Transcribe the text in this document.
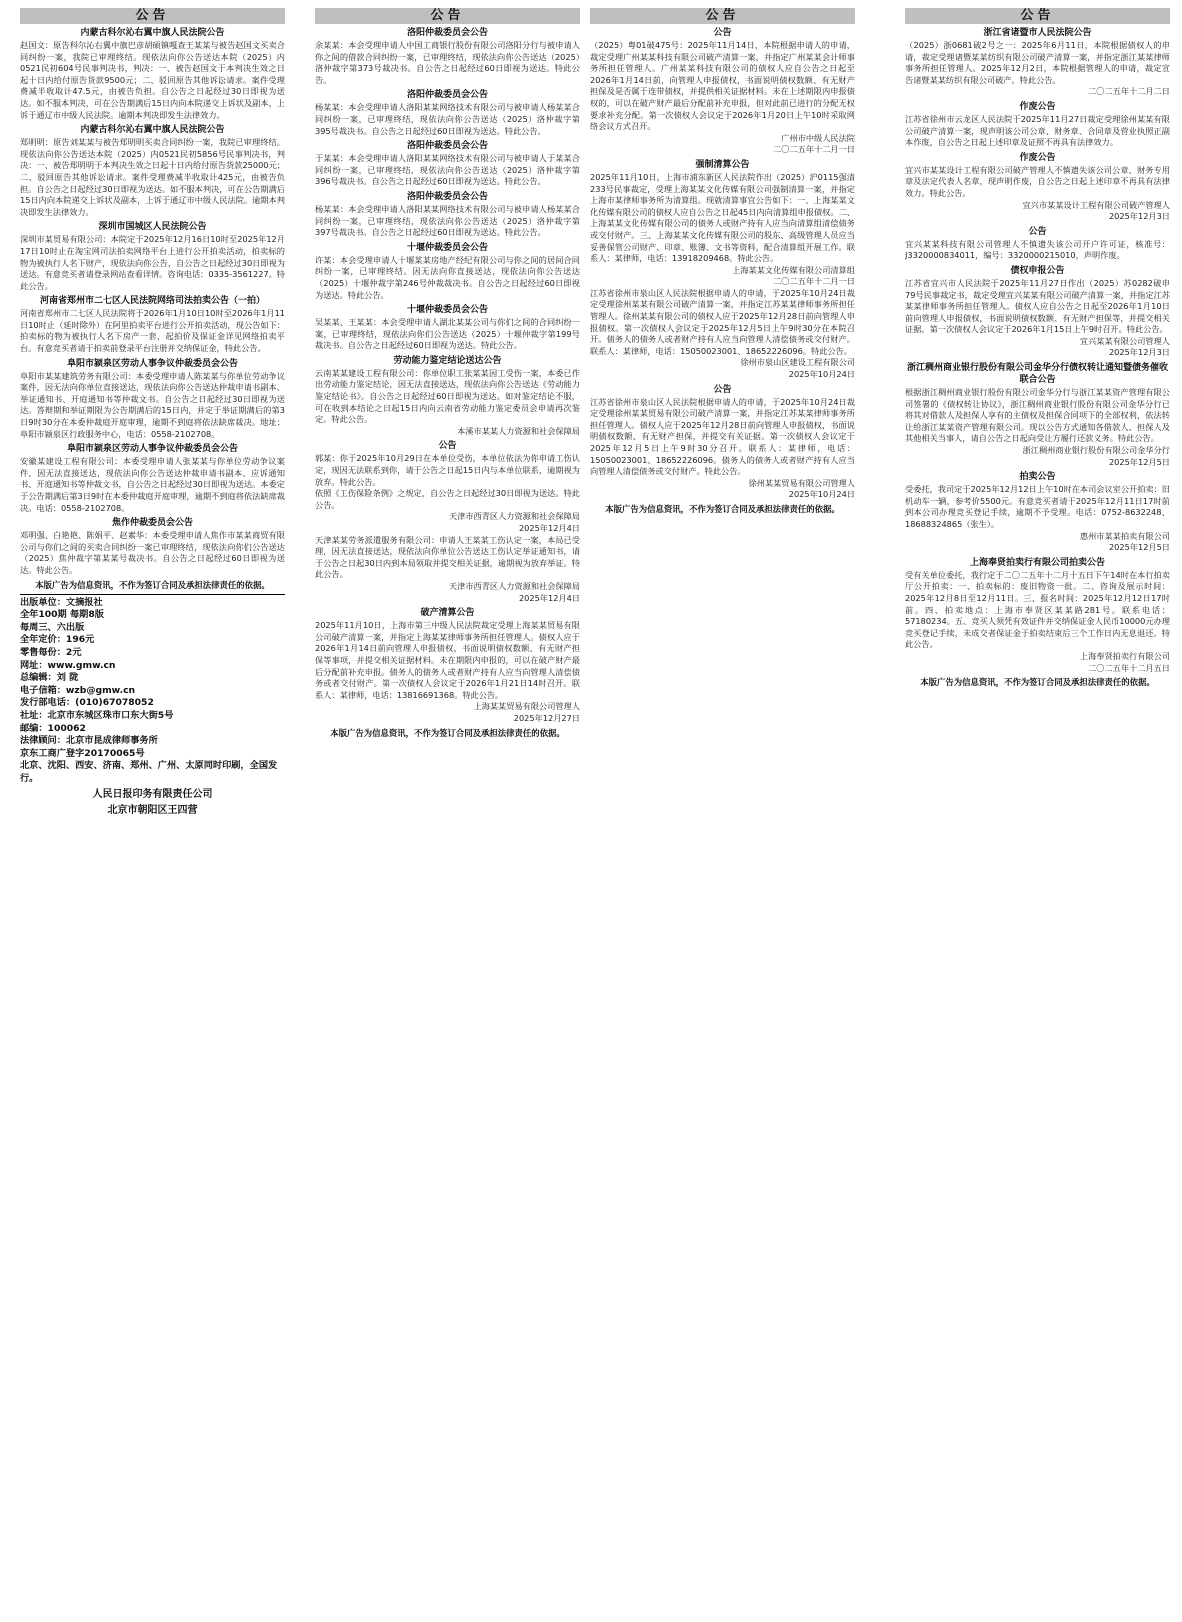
公告
内蒙古科尔沁右翼中旗人民法院公告

赵国文：原告科尔沁右翼中旗巴彦胡硕镇嘎查王某某与被告赵国文买卖合同纠纷一案，我院已审理终结。现依法向你公告送达本院（2025）内0521民初604号民事判决书，判决：一、被告赵国文于本判决生效之日起十日内给付原告货款9500元；二、驳回原告其他诉讼请求。案件受理费减半收取计47.5元，由被告负担。自公告之日起经过30日即视为送达。如不服本判决，可在公告期满后15日内向本院递交上诉状及副本，上诉于通辽市中级人民法院。逾期本判决即发生法律效力。

内蒙古科尔沁右翼中旗人民法院公告

郑明明：原告刘某某与被告郑明明买卖合同纠纷一案，我院已审理终结。现依法向你公告送达本院（2025）内0521民初5856号民事判决书，判决：一、被告郑明明于本判决生效之日起十日内给付原告货款25000元；二、驳回原告其他诉讼请求。案件受理费减半收取计425元，由被告负担。自公告之日起经过30日即视为送达。如不服本判决，可在公告期满后15日内向本院递交上诉状及副本，上诉于通辽市中级人民法院。逾期本判决即发生法律效力。

深圳市国城区人民法院公告

深圳市某贸易有限公司：本院定于2025年12月16日10时至2025年12月17日10时止在淘宝网司法拍卖网络平台上进行公开拍卖活动，拍卖标的物为被执行人名下财产，现依法向你公告，自公告之日起经过30日即视为送达。有意竞买者请登录网站查看详情。咨询电话：0335-3561227。特此公告。

河南省郑州市二七区人民法院网络司法拍卖公告（一拍）

河南省郑州市二七区人民法院将于2026年1月10日10时至2026年1月11日10时止（延时除外）在阿里拍卖平台进行公开拍卖活动，现公告如下：拍卖标的物为被执行人名下房产一套，起拍价及保证金详见网络拍卖平台。有意竞买者请于拍卖前登录平台注册并交纳保证金，特此公告。

阜阳市颍泉区劳动人事争议仲裁委员会公告

阜阳市某某建筑劳务有限公司：本委受理申请人陈某某与你单位劳动争议案件，因无法向你单位直接送达，现依法向你公告送达仲裁申请书副本、举证通知书、开庭通知书等仲裁文书。自公告之日起经过30日即视为送达。答辩期和举证期限为公告期满后的15日内，并定于举证期满后的第3日9时30分在本委仲裁庭开庭审理，逾期不到庭将依法缺席裁决。地址：阜阳市颍泉区行政服务中心，电话：0558-2102708。

阜阳市颍泉区劳动人事争议仲裁委员会公告

安徽某建设工程有限公司：本委受理申请人张某某与你单位劳动争议案件，因无法直接送达，现依法向你公告送达仲裁申请书副本、应诉通知书、开庭通知书等仲裁文书，自公告之日起经过30日即视为送达。本委定于公告期满后第3日9时在本委仲裁庭开庭审理，逾期不到庭将依法缺席裁决。电话：0558-2102708。

焦作仲裁委员会公告

邓明强、白艳艳、陈娟平、赵素华：本委受理申请人焦作市某某商贸有限公司与你们之间的买卖合同纠纷一案已审理终结，现依法向你们公告送达（2025）焦仲裁字第某某号裁决书。自公告之日起经过60日即视为送达。特此公告。

本版广告为信息资讯，不作为签订合同及承担法律责任的依据。

出版单位：文摘报社

全年100期 每期8版

每周三、六出版

全年定价：196元

零售每份：2元

网址：www.gmw.cn

总编辑：刘 陇

电子信箱：wzb@gmw.cn

发行部电话：(010)67078052

社址：北京市东城区珠市口东大街5号

邮编：100062

法律顾问：北京市昆成律师事务所

京东工商广登字20170065号

北京、沈阳、西安、济南、郑州、广州、太原同时印刷，全国发行。

人民日报印务有限责任公司
北京市朝阳区王四营
公告
洛阳仲裁委员会公告

余某某：本会受理申请人中国工商银行股份有限公司洛阳分行与被申请人你之间的借款合同纠纷一案，已审理终结，现依法向你公告送达（2025）洛仲裁字第373号裁决书。自公告之日起经过60日即视为送达。特此公告。

洛阳仲裁委员会公告

杨某某：本会受理申请人洛阳某某网络技术有限公司与被申请人杨某某合同纠纷一案，已审理终结，现依法向你公告送达（2025）洛仲裁字第395号裁决书。自公告之日起经过60日即视为送达。特此公告。

洛阳仲裁委员会公告

于某某：本会受理申请人洛阳某某网络技术有限公司与被申请人于某某合同纠纷一案，已审理终结，现依法向你公告送达（2025）洛仲裁字第396号裁决书。自公告之日起经过60日即视为送达。特此公告。

洛阳仲裁委员会公告

杨某某：本会受理申请人洛阳某某网络技术有限公司与被申请人杨某某合同纠纷一案，已审理终结，现依法向你公告送达（2025）洛仲裁字第397号裁决书。自公告之日起经过60日即视为送达。特此公告。

十堰仲裁委员会公告

许某：本会受理申请人十堰某某房地产经纪有限公司与你之间的居间合同纠纷一案，已审理终结。因无法向你直接送达，现依法向你公告送达（2025）十堰仲裁字第246号仲裁裁决书。自公告之日起经过60日即视为送达。特此公告。

十堰仲裁委员会公告

吴某某、王某某：本会受理申请人湖北某某公司与你们之间的合同纠纷一案，已审理终结，现依法向你们公告送达（2025）十堰仲裁字第199号裁决书。自公告之日起经过60日即视为送达。特此公告。

劳动能力鉴定结论送达公告

云南某某建设工程有限公司：你单位职工张某某因工受伤一案，本委已作出劳动能力鉴定结论，因无法直接送达，现依法向你公告送达《劳动能力鉴定结论书》。自公告之日起经过60日即视为送达。如对鉴定结论不服，可在收到本结论之日起15日内向云南省劳动能力鉴定委员会申请再次鉴定。特此公告。

本溪市某某人力资源和社会保障局

公告

郭某：你于2025年10月29日在本单位受伤，本单位依法为你申请工伤认定，现因无法联系到你，请于公告之日起15日内与本单位联系，逾期视为放弃。特此公告。

依照《工伤保险条例》之规定，自公告之日起经过30日即视为送达。特此公告。

天津市西青区人力资源和社会保障局

2025年12月4日

天津某某劳务派遣服务有限公司：申请人王某某工伤认定一案，本局已受理，因无法直接送达，现依法向你单位公告送达工伤认定举证通知书，请于公告之日起30日内到本局领取并提交相关证据，逾期视为放弃举证。特此公告。

天津市西青区人力资源和社会保障局

2025年12月4日

破产清算公告

2025年11月10日，上海市第三中级人民法院裁定受理上海某某贸易有限公司破产清算一案，并指定上海某某律师事务所担任管理人。债权人应于2026年1月14日前向管理人申报债权，书面说明债权数额、有无财产担保等事项，并提交相关证据材料。未在期限内申报的，可以在破产财产最后分配前补充申报。债务人的债务人或者财产持有人应当向管理人清偿债务或者交付财产。第一次债权人会议定于2026年1月21日14时召开。联系人：某律师，电话：13816691368。特此公告。

上海某某贸易有限公司管理人

2025年12月27日

本版广告为信息资讯，不作为签订合同及承担法律责任的依据。
公告
公告

（2025）粤01破475号：2025年11月14日，本院根据申请人的申请，裁定受理广州某某科技有限公司破产清算一案，并指定广州某某会计师事务所担任管理人。广州某某科技有限公司的债权人应自公告之日起至2026年1月14日前，向管理人申报债权，书面说明债权数额、有无财产担保及是否属于连带债权，并提供相关证据材料。未在上述期限内申报债权的，可以在破产财产最后分配前补充申报，但对此前已进行的分配无权要求补充分配。第一次债权人会议定于2026年1月20日上午10时采取网络会议方式召开。

广州市中级人民法院

二〇二五年十二月一日

强制清算公告

2025年11月10日，上海市浦东新区人民法院作出（2025）沪0115强清233号民事裁定，受理上海某某文化传媒有限公司强制清算一案，并指定上海市某律师事务所为清算组。现就清算事宜公告如下：一、上海某某文化传媒有限公司的债权人应自公告之日起45日内向清算组申报债权。二、上海某某文化传媒有限公司的债务人或财产持有人应当向清算组清偿债务或交付财产。三、上海某某文化传媒有限公司的股东、高级管理人员应当妥善保管公司财产、印章、账簿、文书等资料，配合清算组开展工作。联系人：某律师，电话：13918209468。特此公告。

上海某某文化传媒有限公司清算组

二〇二五年十二月一日

江苏省徐州市泉山区人民法院根据申请人的申请，于2025年10月24日裁定受理徐州某某有限公司破产清算一案，并指定江苏某某律师事务所担任管理人。徐州某某有限公司的债权人应于2025年12月28日前向管理人申报债权。第一次债权人会议定于2025年12月5日上午9时30分在本院召开。债务人的债务人或者财产持有人应当向管理人清偿债务或交付财产。联系人：某律师，电话：15050023001、18652226096。特此公告。

徐州市泉山区建设工程有限公司

2025年10月24日

公告

江苏省徐州市泉山区人民法院根据申请人的申请，于2025年10月24日裁定受理徐州某某贸易有限公司破产清算一案，并指定江苏某某律师事务所担任管理人。债权人应于2025年12月28日前向管理人申报债权，书面说明债权数额、有无财产担保，并提交有关证据。第一次债权人会议定于2025年12月5日上午9时30分召开。联系人：某律师，电话：15050023001、18652226096。债务人的债务人或者财产持有人应当向管理人清偿债务或交付财产。特此公告。

徐州某某贸易有限公司管理人

2025年10月24日

本版广告为信息资讯，不作为签订合同及承担法律责任的依据。
公告
浙江省诸暨市人民法院公告

（2025）浙0681破2号之一：2025年6月11日，本院根据债权人的申请，裁定受理诸暨某某纺织有限公司破产清算一案，并指定浙江某某律师事务所担任管理人。2025年12月2日，本院根据管理人的申请，裁定宣告诸暨某某纺织有限公司破产。特此公告。

二〇二五年十二月二日

作废公告

江苏省徐州市云龙区人民法院于2025年11月27日裁定受理徐州某某有限公司破产清算一案，现声明该公司公章、财务章、合同章及营业执照正副本作废，自公告之日起上述印章及证照不再具有法律效力。

作废公告

宜兴市某某设计工程有限公司破产管理人不慎遗失该公司公章、财务专用章及法定代表人名章，现声明作废，自公告之日起上述印章不再具有法律效力。特此公告。

宜兴市某某设计工程有限公司破产管理人

2025年12月3日

公告

宜兴某某科技有限公司管理人不慎遗失该公司开户许可证，核准号：J3320000834011，编号：3320000215010，声明作废。

债权申报公告

江苏省宜兴市人民法院于2025年11月27日作出（2025）苏0282破申79号民事裁定书，裁定受理宜兴某某有限公司破产清算一案，并指定江苏某某律师事务所担任管理人。债权人应自公告之日起至2026年1月10日前向管理人申报债权，书面说明债权数额、有无财产担保等，并提交相关证据。第一次债权人会议定于2026年1月15日上午9时召开。特此公告。

宜兴某某有限公司管理人

2025年12月3日

浙江稠州商业银行股份有限公司金华分行债权转让通知暨债务催收联合公告

根据浙江稠州商业银行股份有限公司金华分行与浙江某某资产管理有限公司签署的《债权转让协议》，浙江稠州商业银行股份有限公司金华分行已将其对借款人及担保人享有的主债权及担保合同项下的全部权利，依法转让给浙江某某资产管理有限公司。现以公告方式通知各借款人、担保人及其他相关当事人，请自公告之日起向受让方履行还款义务。特此公告。

浙江稠州商业银行股份有限公司金华分行

2025年12月5日

拍卖公告

受委托，我司定于2025年12月12日上午10时在本司会议室公开拍卖：旧机动车一辆，参考价5500元。有意竞买者请于2025年12月11日17时前到本公司办理竞买登记手续，逾期不予受理。电话：0752-8632248、18688324865（张生）。

惠州市某某拍卖有限公司

2025年12月5日

上海奉贤拍卖行有限公司拍卖公告

受有关单位委托，我行定于二〇二五年十二月十五日下午14时在本行拍卖厅公开拍卖：一、拍卖标的：废旧物资一批。二、咨询及展示时间：2025年12月8日至12月11日。三、报名时间：2025年12月12日17时前。四、拍卖地点：上海市奉贤区某某路281号。联系电话：57180234。五、竞买人须凭有效证件并交纳保证金人民币10000元办理竞买登记手续，未成交者保证金于拍卖结束后三个工作日内无息退还。特此公告。

上海奉贤拍卖行有限公司

二〇二五年十二月五日

本版广告为信息资讯，不作为签订合同及承担法律责任的依据。
